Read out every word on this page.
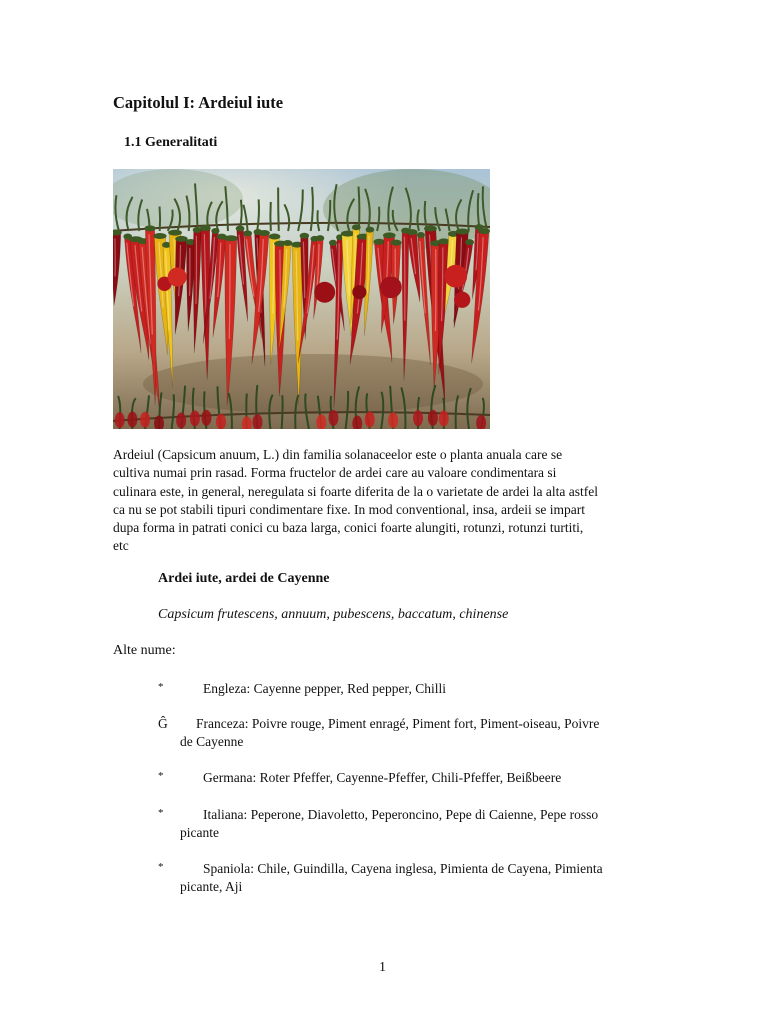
Capitolul I: Ardeiul iute
1.1 Generalitati

Ardeiul (Capsicum anuum, L.) din familia solanaceelor este o planta anuala care se
cultiva numai prin rasad. Forma fructelor de ardei care au valoare condimentara si
culinara este, in general, neregulata si foarte diferita de la o varietate de ardei la alta astfel
ca nu se pot stabili tipuri condimentare fixe. In mod conventional, insa, ardeii se impart
dupa forma in patrati conici cu baza larga, conici foarte alungiti, rotunzi, rotunzi turtiti,
etc

Ardei iute, ardei de Cayenne

Capsicum frutescens, annuum, pubescens, baccatum, chinense

Alte nume:

*	Engleza: Cayenne pepper, Red pepper, Chilli
Ĝ Franceza: Poivre rouge, Piment enragé, Piment fort, Piment-oiseau, Poivre
de Cayenne
*	Germana: Roter Pfeffer, Cayenne-Pfeffer, Chili-Pfeffer, Beißbeere
*	Italiana: Peperone, Diavoletto, Peperoncino, Pepe di Caienne, Pepe rosso
picante
*	Spaniola: Chile, Guindilla, Cayena inglesa, Pimienta de Cayena, Pimienta
picante, Aji
1
